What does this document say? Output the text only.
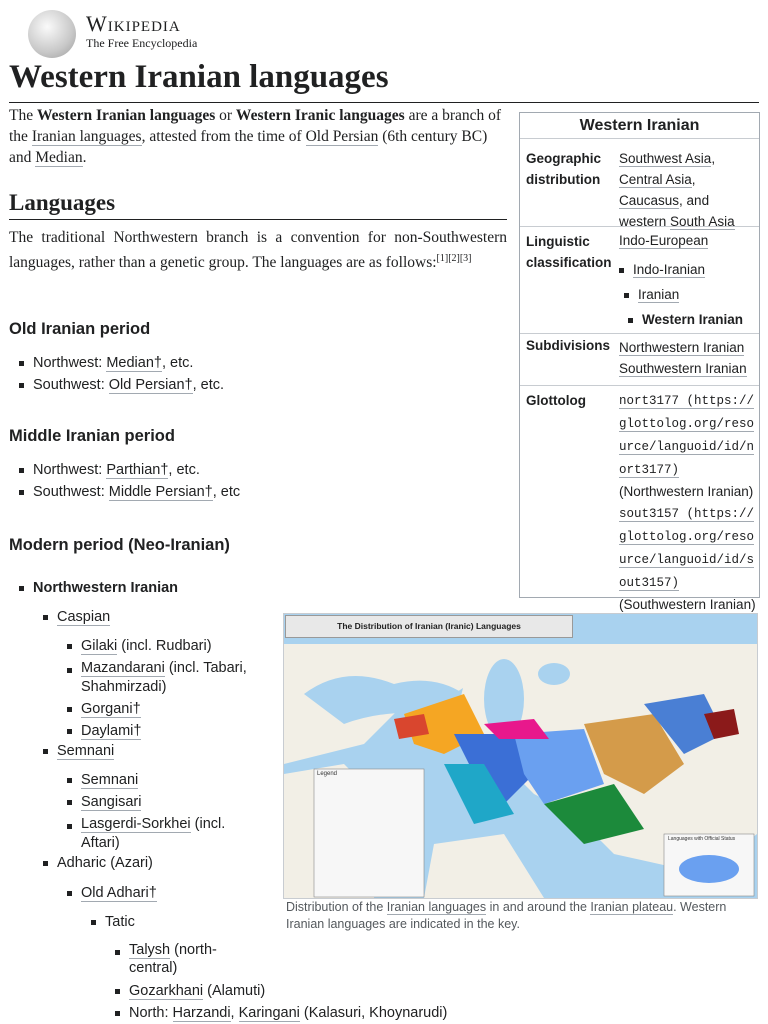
Wikipedia
The Free Encyclopedia
Western Iranian languages
The Western Iranian languages or Western Iranic languages are a branch of the Iranian languages, attested from the time of Old Persian (6th century BC) and Median.
Languages
The traditional Northwestern branch is a convention for non-Southwestern languages, rather than a genetic group. The languages are as follows:[1][2][3]
Old Iranian period
Northwest: Median†, etc.
Southwest: Old Persian†, etc.
Middle Iranian period
Northwest: Parthian†, etc.
Southwest: Middle Persian†, etc
Modern period (Neo-Iranian)
Northwestern Iranian
Caspian
Gilaki (incl. Rudbari)
Mazandarani (incl. Tabari, Shahmirzadi)
Gorgani†
Daylami†
Semnani
Semnani
Sangisari
Lasgerdi-Sorkhei (incl. Aftari)
Adharic (Azari)
Old Adhari†
Tatic
Talysh (north-central)
Gozarkhani (Alamuti)
North: Harzandi, Karingani (Kalasuri, Khoynarudi)
Western Iranian
Geographic distribution
Southwest Asia,
Central Asia,
Caucasus, and
western South Asia
Linguistic classification
Indo-European
Indo-Iranian
Iranian
Western Iranian
Subdivisions Northwestern Iranian
Southwestern Iranian
Glottolog	nort3177 (https://glottolog.org/resource/languoid/id/nort3177)
(Northwestern Iranian)
sout3157 (https://glottolog.org/resource/languoid/id/sout3157)
(Southwestern Iranian)
The Distribution of Iranian (Iranic) Languages
Legend
Languages with Official Status
Distribution of the Iranian languages in and around the Iranian plateau. Western Iranian languages are indicated in the key.
